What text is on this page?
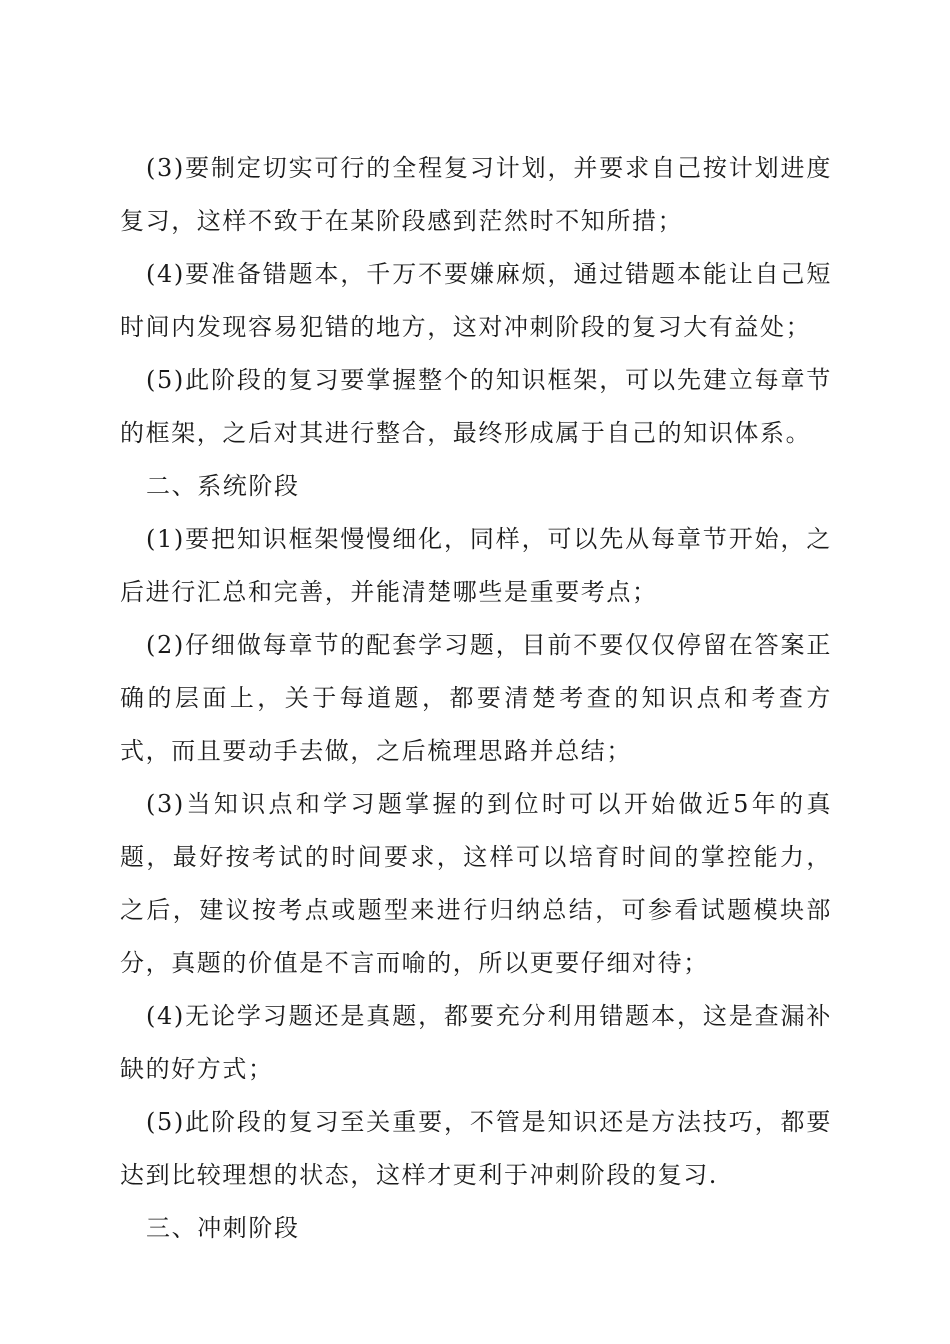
(3)要制定切实可行的全程复习计划，并要求自己按计划进度复习，这样不致于在某阶段感到茫然时不知所措；

(4)要准备错题本，千万不要嫌麻烦，通过错题本能让自己短时间内发现容易犯错的地方，这对冲刺阶段的复习大有益处；

(5)此阶段的复习要掌握整个的知识框架，可以先建立每章节的框架，之后对其进行整合，最终形成属于自己的知识体系。

二、系统阶段

(1)要把知识框架慢慢细化，同样，可以先从每章节开始，之后进行汇总和完善，并能清楚哪些是重要考点；

(2)仔细做每章节的配套学习题，目前不要仅仅停留在答案正确的层面上，关于每道题，都要清楚考查的知识点和考查方式，而且要动手去做，之后梳理思路并总结；

(3)当知识点和学习题掌握的到位时可以开始做近5年的真题，最好按考试的时间要求，这样可以培育时间的掌控能力，之后，建议按考点或题型来进行归纳总结，可参看试题模块部分，真题的价值是不言而喻的，所以更要仔细对待；

(4)无论学习题还是真题，都要充分利用错题本，这是查漏补缺的好方式；

(5)此阶段的复习至关重要，不管是知识还是方法技巧，都要达到比较理想的状态，这样才更利于冲刺阶段的复习.

三、冲刺阶段
